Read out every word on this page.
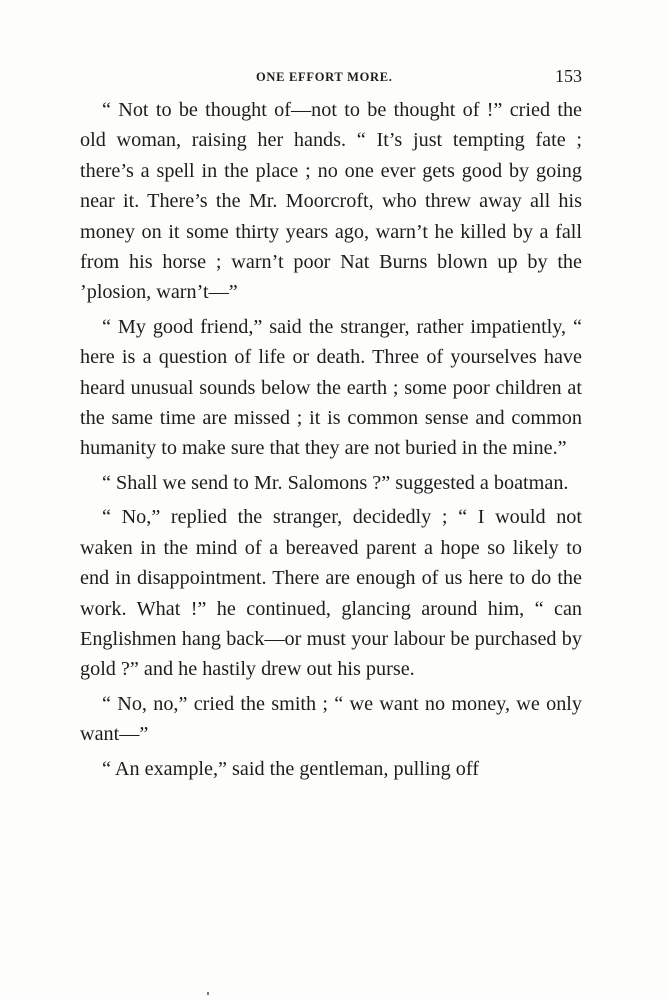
ONE EFFORT MORE.	153

“ Not to be thought of—not to be thought of !” cried the old woman, raising her hands. “ It’s just tempting fate ; there’s a spell in the place ; no one ever gets good by going near it. There’s the Mr. Moorcroft, who threw away all his money on it some thirty years ago, warn’t he killed by a fall from his horse ; warn’t poor Nat Burns blown up by the ’plosion, warn’t—”

“ My good friend,” said the stranger, rather impatiently, “ here is a question of life or death. Three of yourselves have heard unusual sounds below the earth ; some poor children at the same time are missed ; it is common sense and common humanity to make sure that they are not buried in the mine.”

“ Shall we send to Mr. Salomons ?” suggested a boatman.

“ No,” replied the stranger, decidedly ; “ I would not waken in the mind of a bereaved parent a hope so likely to end in disappointment. There are enough of us here to do the work. What !” he continued, glancing around him, “ can Englishmen hang back—or must your labour be purchased by gold ?” and he hastily drew out his purse.

“ No, no,” cried the smith ; “ we want no money, we only want—”

“ An example,” said the gentleman, pulling off
